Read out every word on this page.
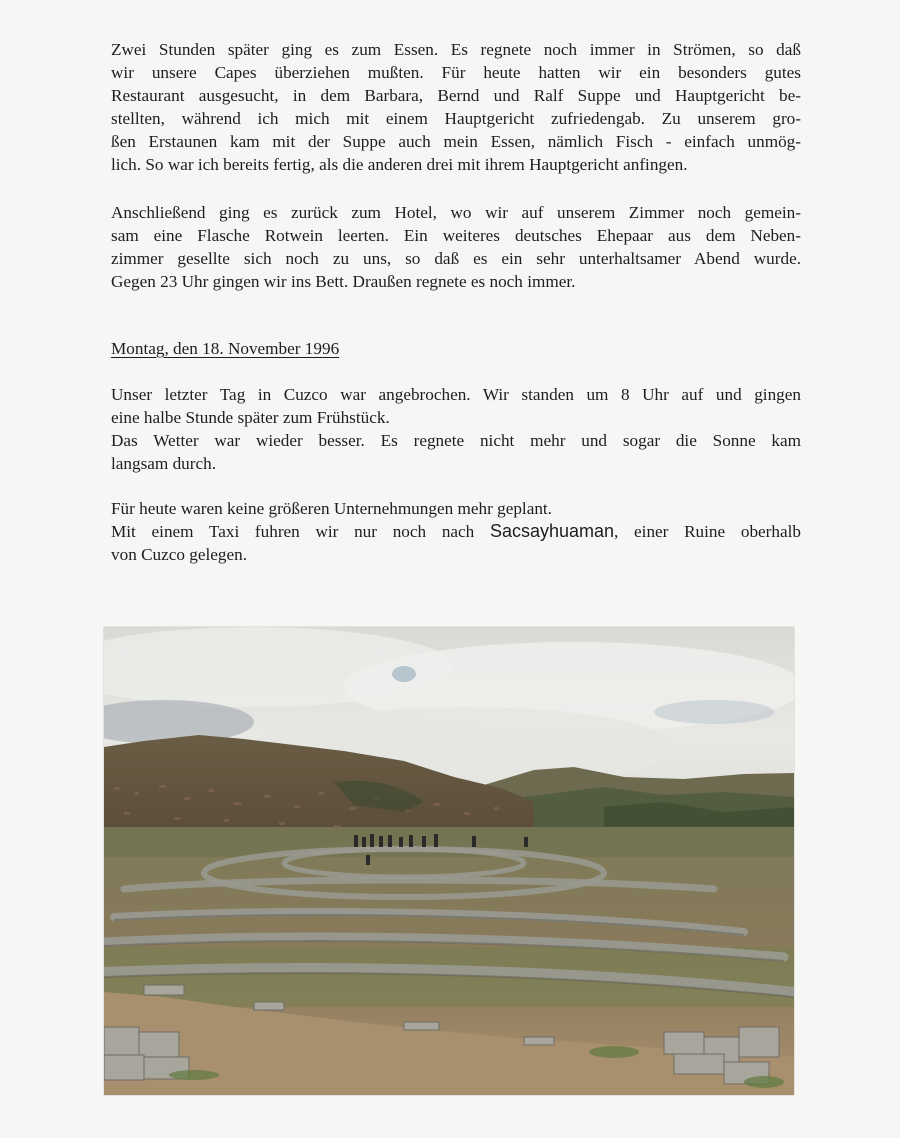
Zwei Stunden später ging es zum Essen. Es regnete noch immer in Strömen, so daß
wir unsere Capes überziehen mußten. Für heute hatten wir ein besonders gutes
Restaurant ausgesucht, in dem Barbara, Bernd und Ralf Suppe und Hauptgericht be-
stellten, während ich mich mit einem Hauptgericht zufriedengab. Zu unserem gro-
ßen Erstaunen kam mit der Suppe auch mein Essen, nämlich Fisch - einfach unmög-
lich. So war ich bereits fertig, als die anderen drei mit ihrem Hauptgericht anfingen.
Anschließend ging es zurück zum Hotel, wo wir auf unserem Zimmer noch gemein-
sam eine Flasche Rotwein leerten. Ein weiteres deutsches Ehepaar aus dem Neben-
zimmer gesellte sich noch zu uns, so daß es ein sehr unterhaltsamer Abend wurde.
Gegen 23 Uhr gingen wir ins Bett. Draußen regnete es noch immer.
Montag, den 18. November 1996
Unser letzter Tag in Cuzco war angebrochen. Wir standen um 8 Uhr auf und gingen
eine halbe Stunde später zum Frühstück.
Das Wetter war wieder besser. Es regnete nicht mehr und sogar die Sonne kam
langsam durch.
Für heute waren keine größeren Unternehmungen mehr geplant.
Mit einem Taxi fuhren wir nur noch nach Sacsayhuaman, einer Ruine oberhalb
von Cuzco gelegen.
